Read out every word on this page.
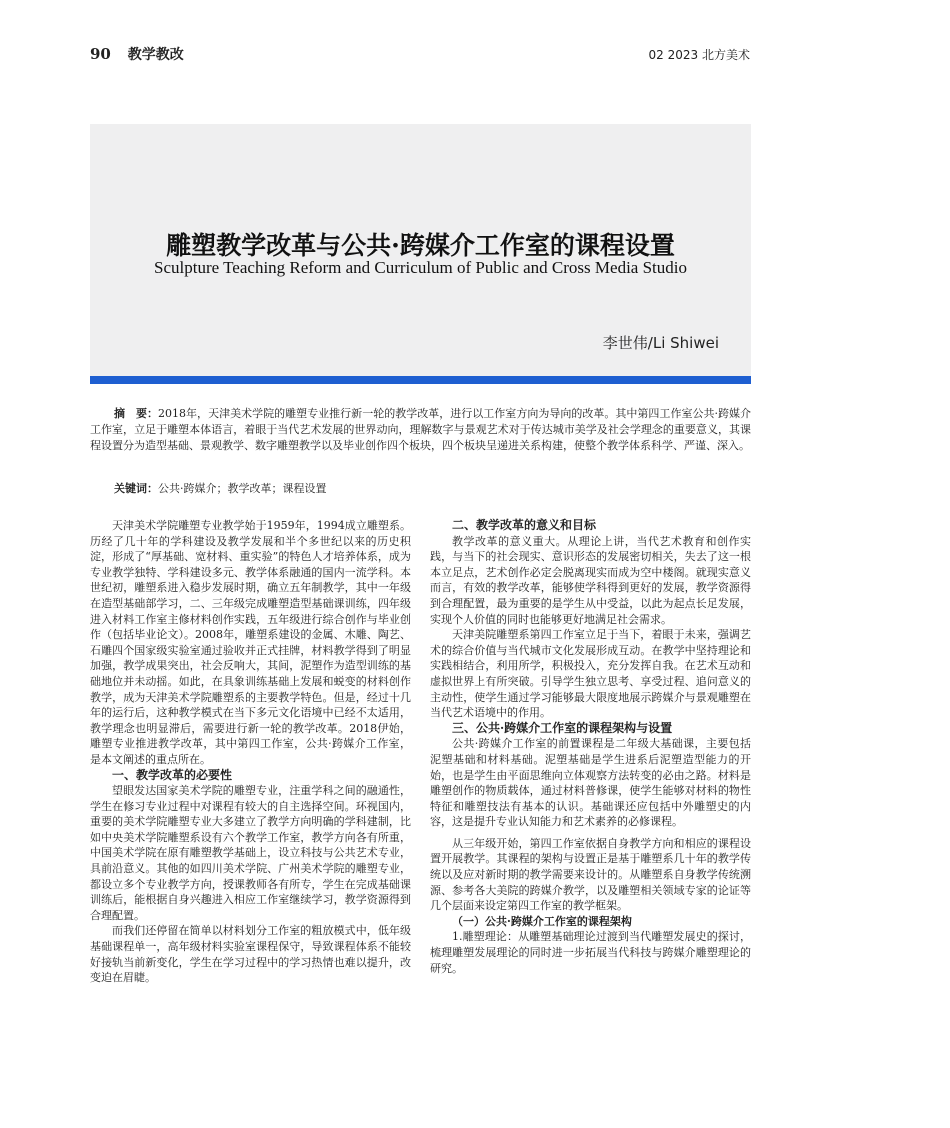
90 教学教改	02 2023 北方美术
雕塑教学改革与公共·跨媒介工作室的课程设置
Sculpture Teaching Reform and Curriculum of Public and Cross Media Studio
李世伟/Li Shiwei
摘　要：2018年，天津美术学院的雕塑专业推行新一轮的教学改革，进行以工作室方向为导向的改革。其中第四工作室公共·跨媒介工作室，立足于雕塑本体语言，着眼于当代艺术发展的世界动向，理解数字与景观艺术对于传达城市美学及社会学理念的重要意义，其课程设置分为造型基础、景观教学、数字雕塑教学以及毕业创作四个板块，四个板块呈递进关系构建，使整个教学体系科学、严谨、深入。
关键词：公共·跨媒介；教学改革；课程设置

天津美术学院雕塑专业教学始于1959年，1994成立雕塑系。历经了几十年的学科建设及教学发展和半个多世纪以来的历史积淀，形成了“厚基础、宽材料、重实验”的特色人才培养体系，成为专业教学独特、学科建设多元、教学体系融通的国内一流学科。本世纪初，雕塑系进入稳步发展时期，确立五年制教学，其中一年级在造型基础部学习，二、三年级完成雕塑造型基础课训练，四年级进入材料工作室主修材料创作实践，五年级进行综合创作与毕业创作（包括毕业论文）。2008年，雕塑系建设的金属、木雕、陶艺、石雕四个国家级实验室通过验收并正式挂牌，材料教学得到了明显加强，教学成果突出，社会反响大，其间，泥塑作为造型训练的基础地位并未动摇。如此，在具象训练基础上发展和蜕变的材料创作教学，成为天津美术学院雕塑系的主要教学特色。但是，经过十几年的运行后，这种教学模式在当下多元文化语境中已经不太适用，教学理念也明显滞后，需要进行新一轮的教学改革。2018伊始，雕塑专业推进教学改革，其中第四工作室，公共·跨媒介工作室，是本文阐述的重点所在。

一、教学改革的必要性

望眼发达国家美术学院的雕塑专业，注重学科之间的融通性，学生在修习专业过程中对课程有较大的自主选择空间。环视国内，重要的美术学院雕塑专业大多建立了教学方向明确的学科建制，比如中央美术学院雕塑系设有六个教学工作室，教学方向各有所重，中国美术学院在原有雕塑教学基础上，设立科技与公共艺术专业，具前沿意义。其他的如四川美术学院、广州美术学院的雕塑专业，都设立多个专业教学方向，授课教师各有所专，学生在完成基础课训练后，能根据自身兴趣进入相应工作室继续学习，教学资源得到合理配置。

而我们还停留在简单以材料划分工作室的粗放模式中，低年级基础课程单一，高年级材料实验室课程保守，导致课程体系不能较好接轨当前新变化，学生在学习过程中的学习热情也难以提升，改变迫在眉睫。

二、教学改革的意义和目标

教学改革的意义重大。从理论上讲，当代艺术教育和创作实践，与当下的社会现实、意识形态的发展密切相关，失去了这一根本立足点，艺术创作必定会脱离现实而成为空中楼阁。就现实意义而言，有效的教学改革，能够使学科得到更好的发展，教学资源得到合理配置，最为重要的是学生从中受益，以此为起点长足发展，实现个人价值的同时也能够更好地满足社会需求。

天津美院雕塑系第四工作室立足于当下，着眼于未来，强调艺术的综合价值与当代城市文化发展形成互动。在教学中坚持理论和实践相结合，利用所学，积极投入，充分发挥自我。在艺术互动和虚拟世界上有所突破。引导学生独立思考、享受过程、追问意义的主动性，使学生通过学习能够最大限度地展示跨媒介与景观雕塑在当代艺术语境中的作用。

三、公共·跨媒介工作室的课程架构与设置

公共·跨媒介工作室的前置课程是二年级大基础课，主要包括泥塑基础和材料基础。泥塑基础是学生进系后泥塑造型能力的开始，也是学生由平面思维向立体观察方法转变的必由之路。材料是雕塑创作的物质载体，通过材料普修课，使学生能够对材料的物性特征和雕塑技法有基本的认识。基础课还应包括中外雕塑史的内容，这是提升专业认知能力和艺术素养的必修课程。

从三年级开始，第四工作室依据自身教学方向和相应的课程设置开展教学。其课程的架构与设置正是基于雕塑系几十年的教学传统以及应对新时期的教学需要来设计的。从雕塑系自身教学传统溯源、参考各大美院的跨媒介教学，以及雕塑相关领域专家的论证等几个层面来设定第四工作室的教学框架。

（一）公共·跨媒介工作室的课程架构

1.雕塑理论：从雕塑基础理论过渡到当代雕塑发展史的探讨，梳理雕塑发展理论的同时进一步拓展当代科技与跨媒介雕塑理论的研究。
